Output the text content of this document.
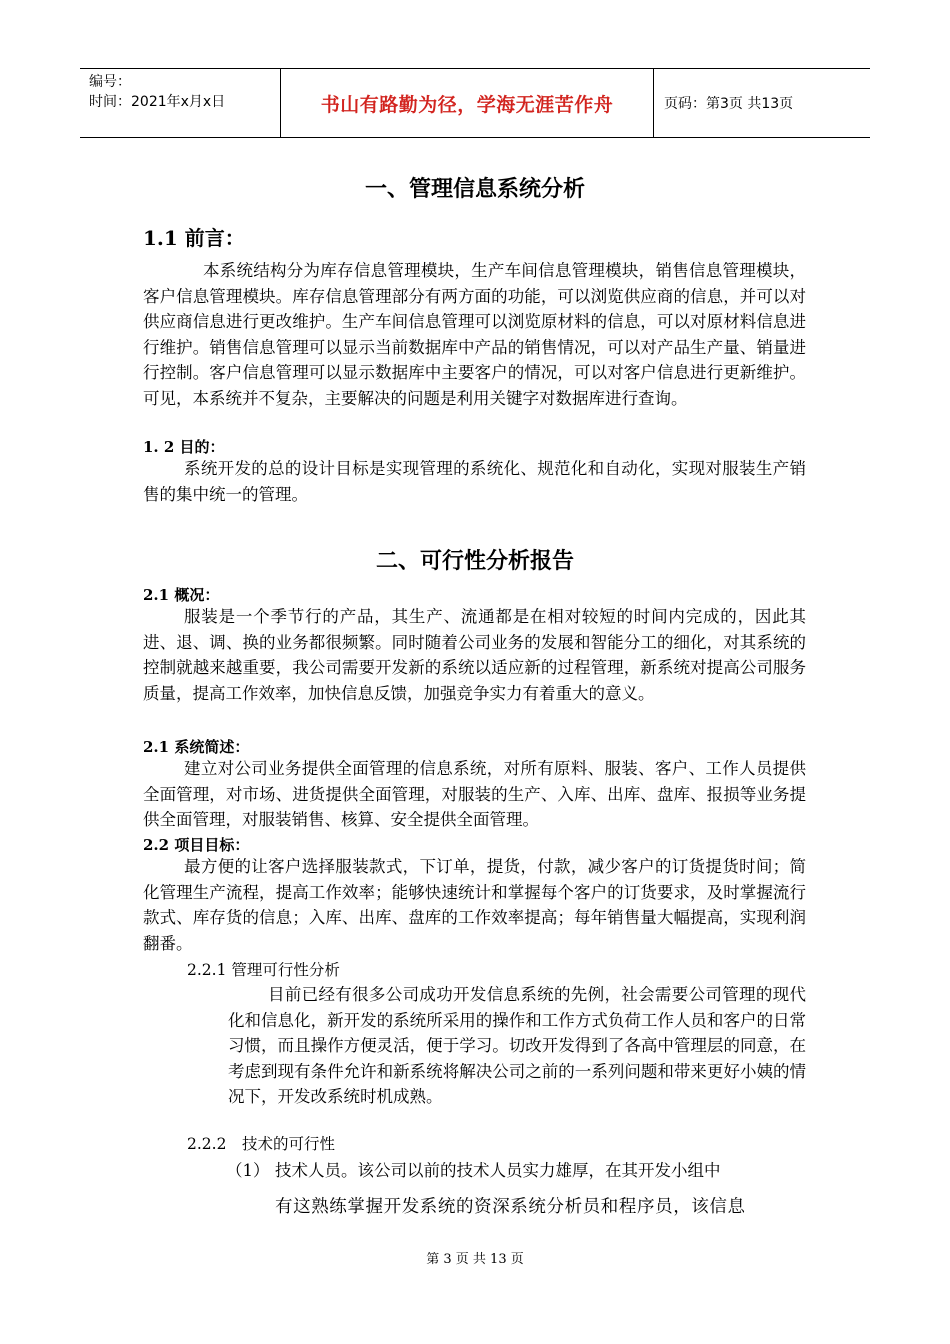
编号：
时间：2021年x月x日	书山有路勤为径，学海无涯苦作舟	页码：第3页 共13页
一、管理信息系统分析
1.1 前言：
本系统结构分为库存信息管理模块，生产车间信息管理模块，销售信息管理模块，客户信息管理模块。库存信息管理部分有两方面的功能，可以浏览供应商的信息，并可以对供应商信息进行更改维护。生产车间信息管理可以浏览原材料的信息，可以对原材料信息进行维护。销售信息管理可以显示当前数据库中产品的销售情况，可以对产品生产量、销量进行控制。客户信息管理可以显示数据库中主要客户的情况，可以对客户信息进行更新维护。可见，本系统并不复杂，主要解决的问题是利用关键字对数据库进行查询。
1. 2 目的：
系统开发的总的设计目标是实现管理的系统化、规范化和自动化，实现对服装生产销售的集中统一的管理。
二、可行性分析报告
2.1 概况：
服装是一个季节行的产品，其生产、流通都是在相对较短的时间内完成的，因此其进、退、调、换的业务都很频繁。同时随着公司业务的发展和智能分工的细化，对其系统的控制就越来越重要，我公司需要开发新的系统以适应新的过程管理，新系统对提高公司服务质量，提高工作效率，加快信息反馈，加强竞争实力有着重大的意义。
2.1 系统简述：
建立对公司业务提供全面管理的信息系统，对所有原料、服装、客户、工作人员提供全面管理，对市场、进货提供全面管理，对服装的生产、入库、出库、盘库、报损等业务提供全面管理，对服装销售、核算、安全提供全面管理。
2.2 项目目标：
最方便的让客户选择服装款式，下订单，提货，付款，减少客户的订货提货时间；简化管理生产流程，提高工作效率；能够快速统计和掌握每个客户的订货要求，及时掌握流行款式、库存货的信息；入库、出库、盘库的工作效率提高；每年销售量大幅提高，实现利润翻番。
2.2.1 管理可行性分析
目前已经有很多公司成功开发信息系统的先例，社会需要公司管理的现代化和信息化，新开发的系统所采用的操作和工作方式负荷工作人员和客户的日常习惯，而且操作方便灵活，便于学习。切改开发得到了各高中管理层的同意，在考虑到现有条件允许和新系统将解决公司之前的一系列问题和带来更好小姨的情况下，开发改系统时机成熟。
2.2.2　技术的可行性
（1） 技术人员。该公司以前的技术人员实力雄厚，在其开发小组中
有这熟练掌握开发系统的资深系统分析员和程序员，该信息
第 3 页 共 13 页
